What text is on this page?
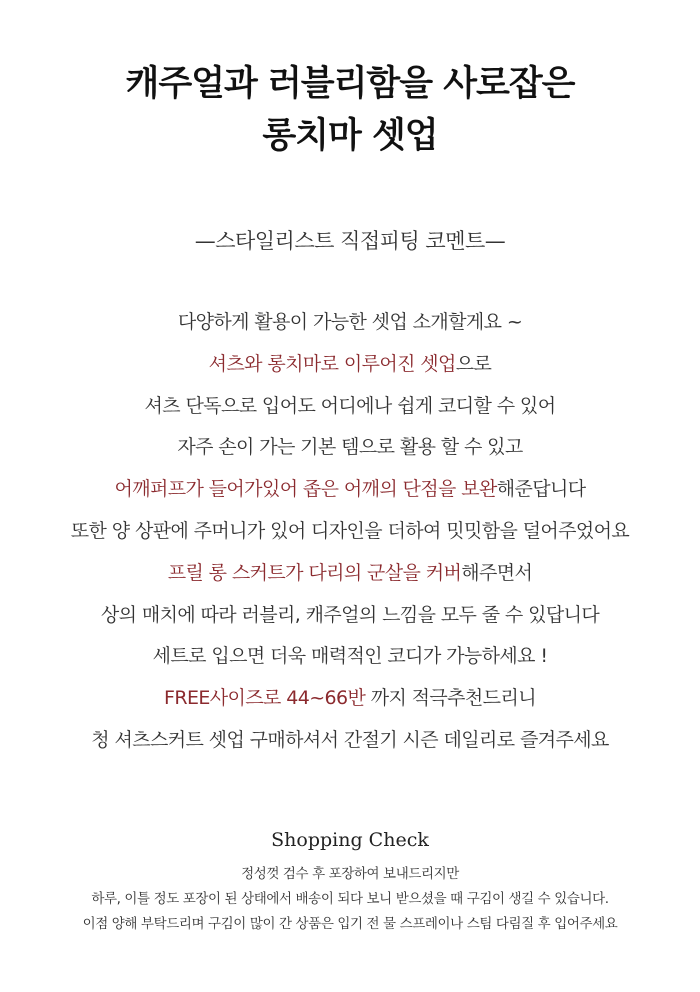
캐주얼과 러블리함을 사로잡은
롱치마 셋업
—스타일리스트 직접피팅 코멘트—
다양하게 활용이 가능한 셋업 소개할게요 ~
셔츠와 롱치마로 이루어진 셋업으로
셔츠 단독으로 입어도 어디에나 쉽게 코디할 수 있어
자주 손이 가는 기본 템으로 활용 할 수 있고
어깨퍼프가 들어가있어 좁은 어깨의 단점을 보완해준답니다
또한 양 상판에 주머니가 있어 디자인을 더하여 밋밋함을 덜어주었어요
프릴 롱 스커트가 다리의 군살을 커버해주면서
상의 매치에 따라 러블리, 캐주얼의 느낌을 모두 줄 수 있답니다
세트로 입으면 더욱 매력적인 코디가 가능하세요 !
FREE사이즈로 44~66반 까지 적극추천드리니
청 셔츠스커트 셋업 구매하셔서 간절기 시즌 데일리로 즐겨주세요
Shopping Check
정성껏 검수 후 포장하여 보내드리지만
하루, 이틀 정도 포장이 된 상태에서 배송이 되다 보니 받으셨을 때 구김이 생길 수 있습니다.
이점 양해 부탁드리며 구김이 많이 간 상품은 입기 전 물 스프레이나 스팀 다림질 후 입어주세요
